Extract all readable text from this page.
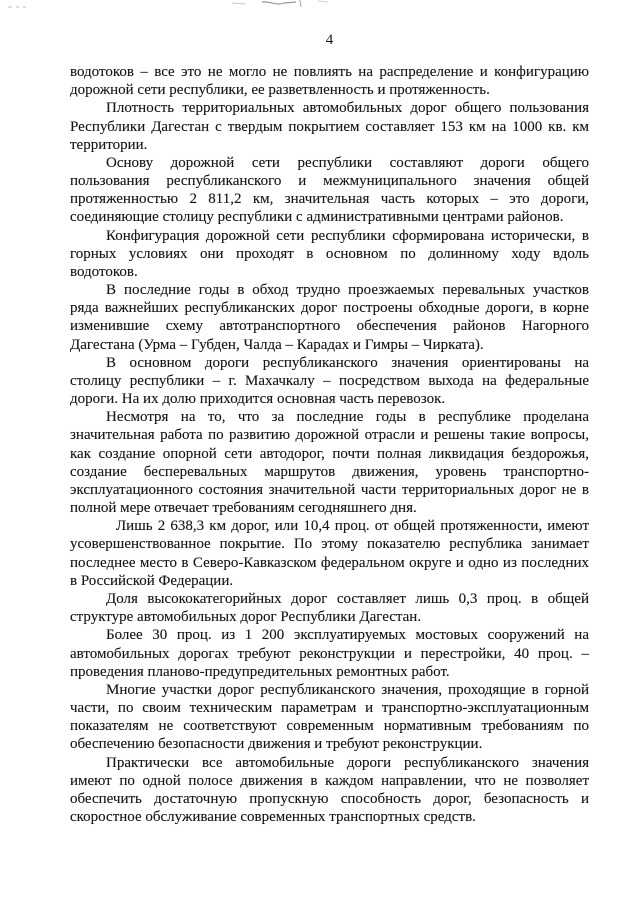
4
водотоков – все это не могло не повлиять на распределение и конфигурацию
дорожной сети республики, ее разветвленность и протяженность.
Плотность территориальных автомобильных дорог общего пользования
Республики Дагестан с твердым покрытием составляет 153 км на 1000 кв. км
территории.
Основу дорожной сети республики составляют дороги общего
пользования республиканского и межмуниципального значения общей
протяженностью 2 811,2 км, значительная часть которых – это дороги,
соединяющие столицу республики с административными центрами районов.
Конфигурация дорожной сети республики сформирована исторически, в
горных условиях они проходят в основном по долинному ходу вдоль
водотоков.
В последние годы в обход трудно проезжаемых перевальных участков
ряда важнейших республиканских дорог построены обходные дороги, в корне
изменившие схему автотранспортного обеспечения районов Нагорного
Дагестана (Урма – Губден, Чалда – Карадах и Гимры – Чирката).
В основном дороги республиканского значения ориентированы на
столицу республики – г. Махачкалу – посредством выхода на федеральные
дороги. На их долю приходится основная часть перевозок.
Несмотря на то, что за последние годы в республике проделана
значительная работа по развитию дорожной отрасли и решены такие вопросы,
как создание опорной сети автодорог, почти полная ликвидация бездорожья,
создание бесперевальных маршрутов движения, уровень транспортно-
эксплуатационного состояния значительной части территориальных дорог не в
полной мере отвечает требованиям сегодняшнего дня.
Лишь 2 638,3 км дорог, или 10,4 проц. от общей протяженности, имеют
усовершенствованное покрытие. По этому показателю республика занимает
последнее место в Северо-Кавказском федеральном округе и одно из последних
в Российской Федерации.
Доля высококатегорийных дорог составляет лишь 0,3 проц. в общей
структуре автомобильных дорог Республики Дагестан.
Более 30 проц. из 1 200 эксплуатируемых мостовых сооружений на
автомобильных дорогах требуют реконструкции и перестройки, 40 проц. –
проведения планово-предупредительных ремонтных работ.
Многие участки дорог республиканского значения, проходящие в горной
части, по своим техническим параметрам и транспортно-эксплуатационным
показателям не соответствуют современным нормативным требованиям по
обеспечению безопасности движения и требуют реконструкции.
Практически все автомобильные дороги республиканского значения
имеют по одной полосе движения в каждом направлении, что не позволяет
обеспечить достаточную пропускную способность дорог, безопасность и
скоростное обслуживание современных транспортных средств.
